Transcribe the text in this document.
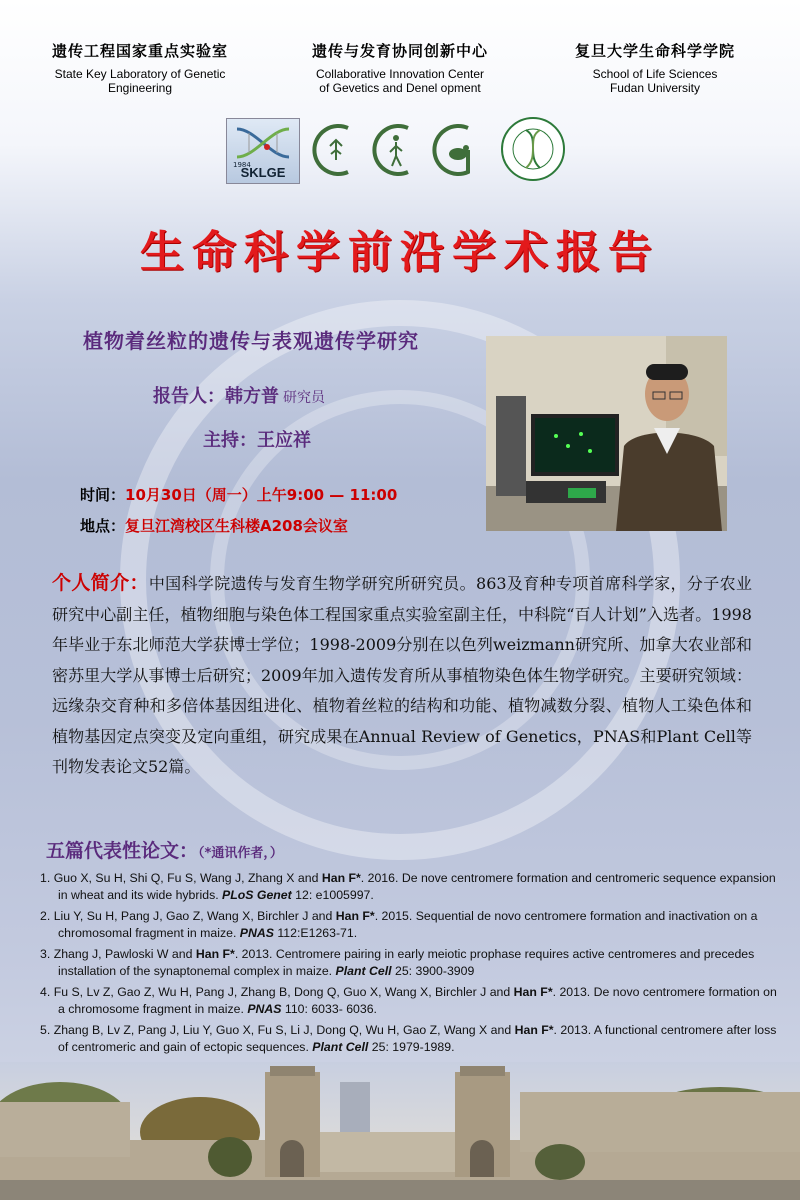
遗传工程国家重点实验室
State Key Laboratory of Genetic
Engineering
遗传与发育协同创新中心
Collaborative Innovation Center
of Gevetics and Denel opment
复旦大学生命科学学院
School of Life Sciences
Fudan University
1984
SKLGE
生命科学前沿学术报告
植物着丝粒的遗传与表观遗传学研究
报告人：韩方普 研究员
主持：王应祥
时间：10月30日（周一）上午9:00 — 11:00
地点：复旦江湾校区生科楼A208会议室
个人简介：中国科学院遗传与发育生物学研究所研究员。863及育种专项首席科学家，分子农业研究中心副主任，植物细胞与染色体工程国家重点实验室副主任，中科院“百人计划”入选者。1998年毕业于东北师范大学获博士学位；1998-2009分别在以色列weizmann研究所、加拿大农业部和密苏里大学从事博士后研究；2009年加入遗传发育所从事植物染色体生物学研究。主要研究领域： 远缘杂交育种和多倍体基因组进化、植物着丝粒的结构和功能、植物减数分裂、植物人工染色体和植物基因定点突变及定向重组，研究成果在Annual Review of Genetics，PNAS和Plant Cell等刊物发表论文52篇。
五篇代表性论文：（*通讯作者，）
1. Guo X, Su H, Shi Q, Fu S, Wang J, Zhang X and Han F*. 2016. De nove centromere formation and centromeric sequence expansion in wheat and its wide hybrids. PLoS Genet 12: e1005997.
2. Liu Y, Su H, Pang J, Gao Z, Wang X, Birchler J and Han F*. 2015. Sequential de novo centromere formation and inactivation on a chromosomal fragment in maize. PNAS 112:E1263-71.
3. Zhang J, Pawloski W and Han F*. 2013. Centromere pairing in early meiotic prophase requires active centromeres and precedes installation of the synaptonemal complex in maize. Plant Cell 25: 3900-3909
4. Fu S, Lv Z, Gao Z, Wu H, Pang J, Zhang B, Dong Q, Guo X, Wang X, Birchler J and Han F*. 2013. De novo centromere formation on a chromosome fragment in maize. PNAS 110: 6033- 6036.
5. Zhang B, Lv Z, Pang J, Liu Y, Guo X, Fu S, Li J, Dong Q, Wu H, Gao Z, Wang X and Han F*. 2013. A functional centromere after loss of centromeric and gain of ectopic sequences. Plant Cell 25: 1979-1989.
